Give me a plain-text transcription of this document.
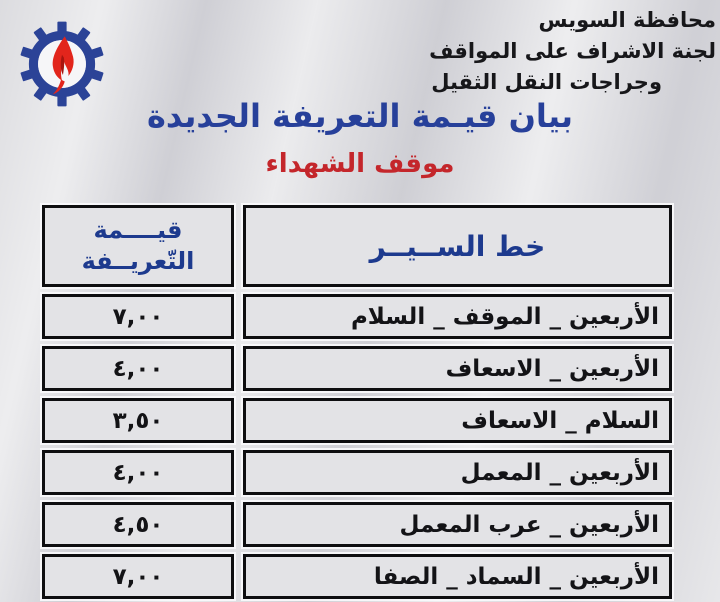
محافظة السويس
لجنة الاشراف على المواقف
وجراجات النقل الثقيل
بيان قيـمة التعريفة الجديدة
موقف الشهداء
خط الســيــر
قيــــمة
التّعريــفة
الأربعين _ الموقف _ السلام
٧,٠٠
الأربعين _ الاسعاف
٤,٠٠
السلام _ الاسعاف
٣,٥٠
الأربعين _ المعمل
٤,٠٠
الأربعين _ عرب المعمل
٤,٥٠
الأربعين _ السماد _ الصفا
٧,٠٠
